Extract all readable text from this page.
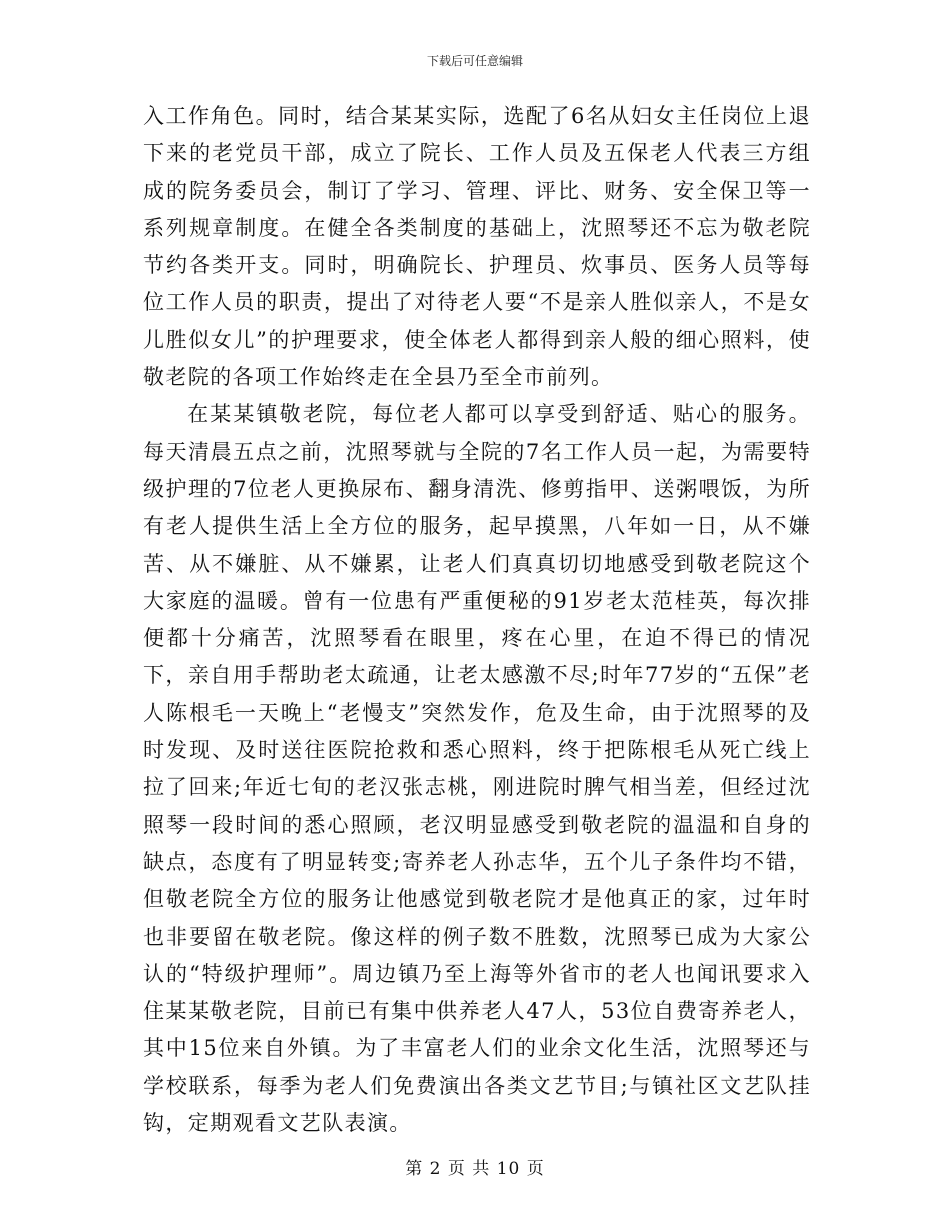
下载后可任意编辑

入工作角色。同时，结合某某实际，选配了6名从妇女主任岗位上退下来的老党员干部，成立了院长、工作人员及五保老人代表三方组成的院务委员会，制订了学习、管理、评比、财务、安全保卫等一系列规章制度。在健全各类制度的基础上，沈照琴还不忘为敬老院节约各类开支。同时，明确院长、护理员、炊事员、医务人员等每位工作人员的职责，提出了对待老人要“不是亲人胜似亲人，不是女儿胜似女儿”的护理要求，使全体老人都得到亲人般的细心照料，使敬老院的各项工作始终走在全县乃至全市前列。

在某某镇敬老院，每位老人都可以享受到舒适、贴心的服务。每天清晨五点之前，沈照琴就与全院的7名工作人员一起，为需要特级护理的7位老人更换尿布、翻身清洗、修剪指甲、送粥喂饭，为所有老人提供生活上全方位的服务，起早摸黑，八年如一日，从不嫌苦、从不嫌脏、从不嫌累，让老人们真真切切地感受到敬老院这个大家庭的温暖。曾有一位患有严重便秘的91岁老太范桂英，每次排便都十分痛苦，沈照琴看在眼里，疼在心里，在迫不得已的情况下，亲自用手帮助老太疏通，让老太感激不尽;时年77岁的“五保”老人陈根毛一天晚上“老慢支”突然发作，危及生命，由于沈照琴的及时发现、及时送往医院抢救和悉心照料，终于把陈根毛从死亡线上拉了回来;年近七旬的老汉张志桃，刚进院时脾气相当差，但经过沈照琴一段时间的悉心照顾，老汉明显感受到敬老院的温温和自身的缺点，态度有了明显转变;寄养老人孙志华，五个儿子条件均不错，但敬老院全方位的服务让他感觉到敬老院才是他真正的家，过年时也非要留在敬老院。像这样的例子数不胜数，沈照琴已成为大家公认的“特级护理师”。周边镇乃至上海等外省市的老人也闻讯要求入住某某敬老院，目前已有集中供养老人47人，53位自费寄养老人，其中15位来自外镇。为了丰富老人们的业余文化生活，沈照琴还与学校联系，每季为老人们免费演出各类文艺节目;与镇社区文艺队挂钩，定期观看文艺队表演。

第 2 页 共 10 页
